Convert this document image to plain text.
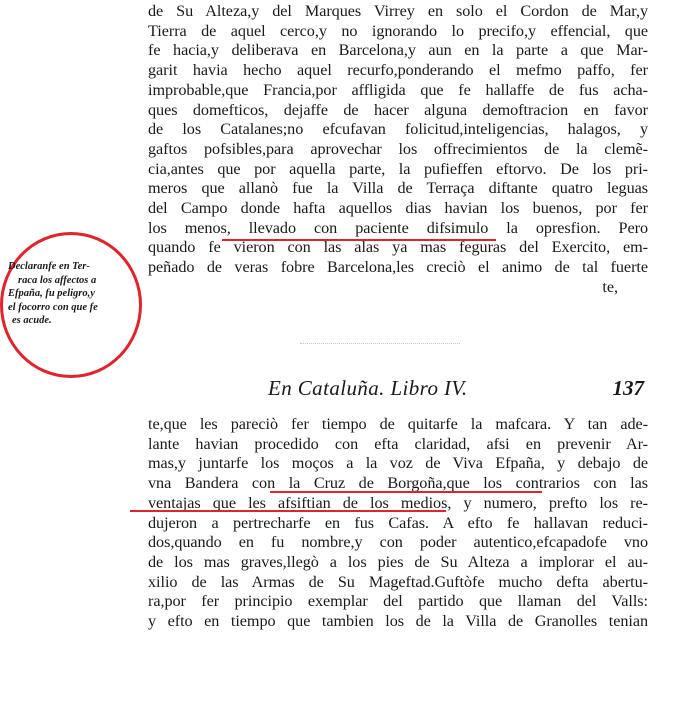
Declaranfe en Ter-
raca los affectos a
Efpaña, fu peligro,y
el focorro con que fe
es acude.
de Su Alteza,y del Marques Virrey en solo el Cordon de Mar,y
Tierra de aquel cerco,y no ignorando lo precifo,y effencial, que
fe hacia,y deliberava en Barcelona,y aun en la parte a que Mar-
garit havia hecho aquel recurfo,ponderando el mefmo paffo, fer
improbable,que Francia,por affligida que fe hallaffe de fus acha-
ques domefticos, dejaffe de hacer alguna demoftracion en favor
de los Catalanes;no efcufavan folicitud,inteligencias, halagos, y
gaftos pofsibles,para aprovechar los offrecimientos de la clemẽ-
cia,antes que por aquella parte, la pufieffen eftorvo. De los pri-
meros que allanò fue la Villa de Terraça diftante quatro leguas
del Campo donde hafta aquellos dias havian los buenos, por fer
los menos, llevado con paciente difsimulo la opresfion. Pero
quando fe vieron con las alas ya mas feguras del Exercito, em-
peñado de veras fobre Barcelona,les creciò el animo de tal fuerte
te,
En Cataluña. Libro IV.	137
te,que les pareciò fer tiempo de quitarfe la mafcara. Y tan ade-
lante havian procedido con efta claridad, afsi en prevenir Ar-
mas,y juntarfe los moços a la voz de Viva Efpaña, y debajo de
vna Bandera con la Cruz de Borgoña,que los contrarios con las
ventajas que les afsiftian de los medios, y numero, prefto los re-
dujeron a pertrecharfe en fus Cafas. A efto fe hallavan reduci-
dos,quando en fu nombre,y con poder autentico,efcapadofe vno
de los mas graves,llegò a los pies de Su Alteza a implorar el au-
xilio de las Armas de Su Mageftad.Guftòfe mucho defta abertu-
ra,por fer principio exemplar del partido que llaman del Valls:
y efto en tiempo que tambien los de la Villa de Granolles tenian
